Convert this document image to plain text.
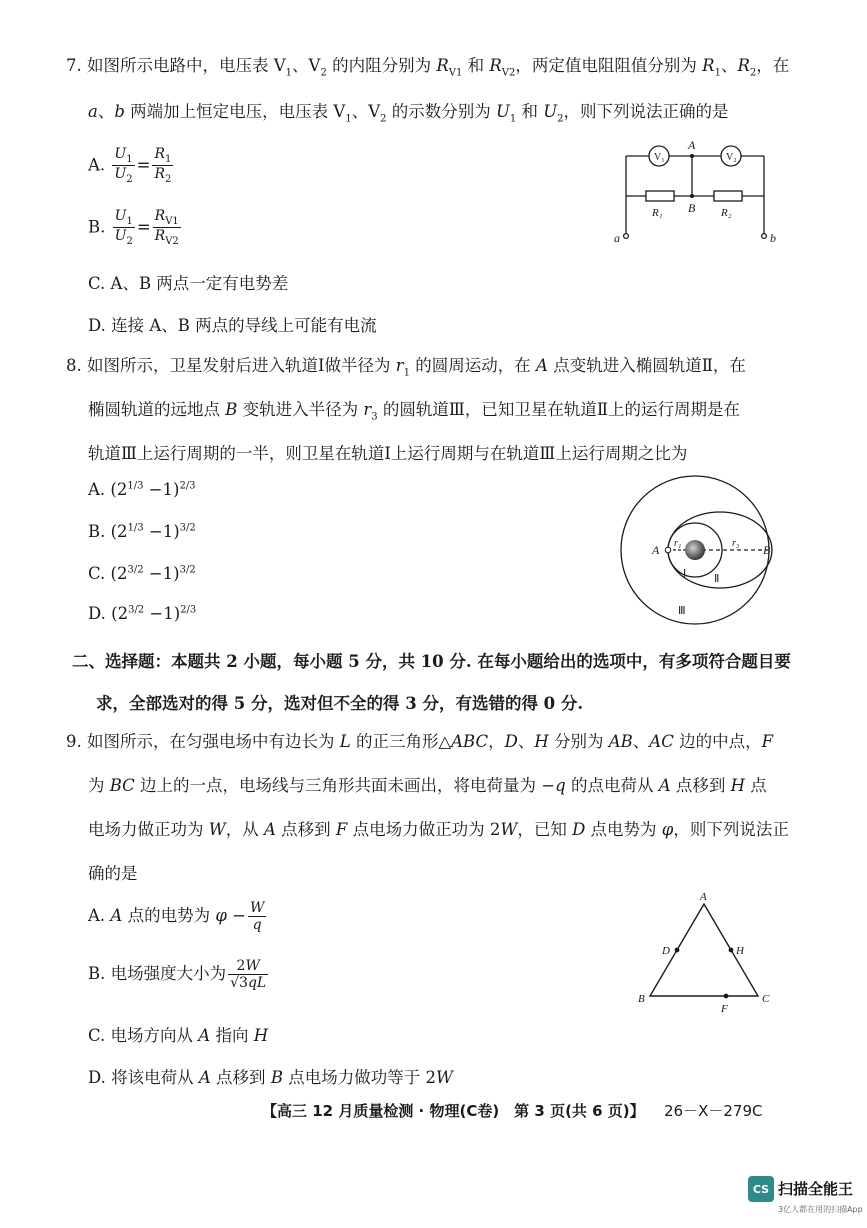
7. 如图所示电路中，电压表 $V_1$、$V_2$ 的内阻分别为 $R_{V1}$ 和 $R_{V2}$，两定值电阻阻值分别为 $R_1$、$R_2$，在
a、b 两端加上恒定电压，电压表 $V_1$、$V_2$ 的示数分别为 $U_1$ 和 $U_2$，则下列说法正确的是
A. $\frac{U_1}{U_2} = \frac{R_1}{R_2}$
B. $\frac{U_1}{U_2} = \frac{R_{V1}}{R_{V2}}$
C. A、B 两点一定有电势差
D. 连接 A、B 两点的导线上可能有电流
V₁	V₂
A
B
R₁	R₂
a	b
8. 如图所示，卫星发射后进入轨道Ⅰ做半径为 $r_1$ 的圆周运动，在 A 点变轨进入椭圆轨道Ⅱ，在
椭圆轨道的远地点 B 变轨进入半径为 $r_3$ 的圆轨道Ⅲ，已知卫星在轨道Ⅱ上的运行周期是在
轨道Ⅲ上运行周期的一半，则卫星在轨道Ⅰ上运行周期与在轨道Ⅲ上运行周期之比为
A. $(2^{1/3} -1)^{2/3}$
B. $(2^{1/3} -1)^{3/2}$
C. $(2^{3/2} -1)^{3/2}$
D. $(2^{3/2} -1)^{2/3}$
A	B
r₁	r₃
Ⅰ	Ⅱ
Ⅲ
二、选择题：本题共 2 小题，每小题 5 分，共 10 分. 在每小题给出的选项中，有多项符合题目要
求，全部选对的得 5 分，选对但不全的得 3 分，有选错的得 0 分.
9. 如图所示，在匀强电场中有边长为 L 的正三角形△ABC，D、H 分别为 AB、AC 边的中点，F
为 BC 边上的一点，电场线与三角形共面未画出，将电荷量为 −q 的点电荷从 A 点移到 H 点
电场力做正功为 W，从 A 点移到 F 点电场力做正功为 2W，已知 D 点电势为 φ，则下列说法正
确的是
A. A 点的电势为 $\varphi - \frac{W}{q}$
B. 电场强度大小为 $\frac{2W}{√3qL}$
C. 电场方向从 A 指向 H
D. 将该电荷从 A 点移到 B 点电场力做功等于 2W
A
B	C
D	H
F
【高三 12 月质量检测 · 物理(C卷)　第 3 页(共 6 页)】 26－X－279C
CS 扫描全能王
3亿人都在用的扫描App
